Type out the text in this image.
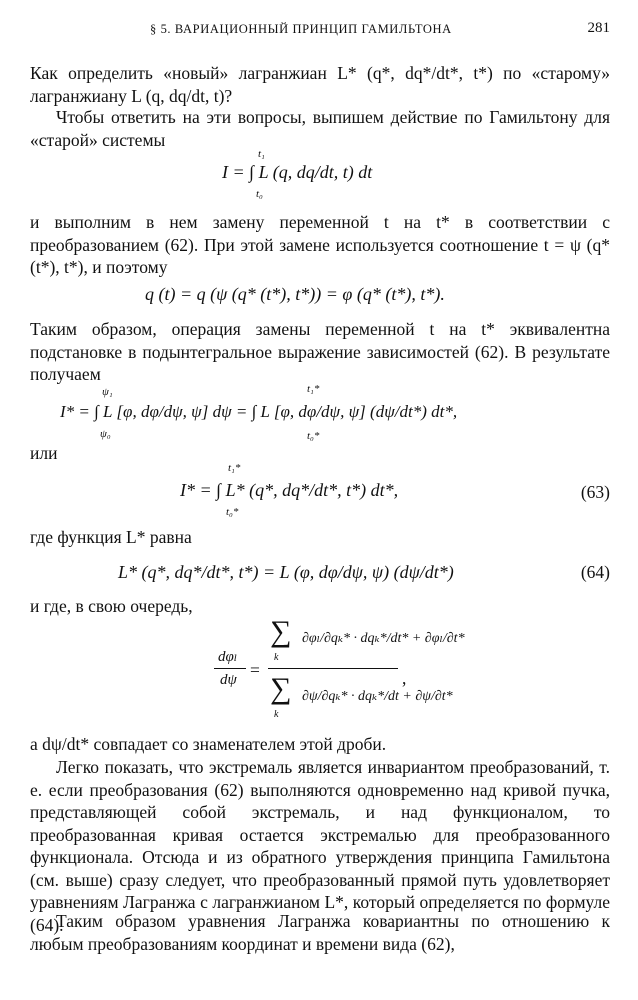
§ 5. ВАРИАЦИОННЫЙ ПРИНЦИП ГАМИЛЬТОНА	281

Как определить «новый» лагранжиан L* (q*, dq*/dt*, t*) по «старому» лагранжиану L (q, dq/dt, t)?

Чтобы ответить на эти вопросы, выпишем действие по Гамильтону для «старой» системы

t₁
I = ∫ L (q, dq/dt, t) dt
t₀

и выполним в нем замену переменной t на t* в соответствии с преобразованием (62). При этой замене используется соотношение t = ψ (q* (t*), t*), и поэтому

q (t) = q (ψ (q* (t*), t*)) = φ (q* (t*), t*).

Таким образом, операция замены переменной t на t* эквивалентна подстановке в подынтегральное выражение зависимостей (62). В результате получаем

ψ₁	t₁*
I* = ∫ L [φ, dφ/dψ, ψ] dψ = ∫ L [φ, dφ/dψ, ψ] (dψ/dt*) dt*,
ψ₀	t₀*
или
t₁*
I* = ∫ L* (q*, dq*/dt*, t*) dt*,
t₀*
(63)
где функция L* равна
L* (q*, dq*/dt*, t*) = L (φ, dφ/dψ, ψ) (dψ/dt*)	(64)
и где, в свою очередь,
dφₗ
dψ =
∑
k
∂φₗ/∂qₖ* · dqₖ*/dt* + ∂φₗ/∂t*
∑
k
∂ψ/∂qₖ* · dqₖ*/dt + ∂ψ/∂t*
,
а dψ/dt* совпадает со знаменателем этой дроби.

Легко показать, что экстремаль является инвариантом преобразований, т. е. если преобразования (62) выполняются одновременно над кривой пучка, представляющей собой экстремаль, и над функционалом, то преобразованная кривая остается экстремалью для преобразованного функционала. Отсюда и из обратного утверждения принципа Гамильтона (см. выше) сразу следует, что преобразованный прямой путь удовлетворяет уравнениям Лагранжа с лагранжианом L*, который определяется по формуле (64).

Таким образом уравнения Лагранжа ковариантны по отношению к любым преобразованиям координат и времени вида (62),
